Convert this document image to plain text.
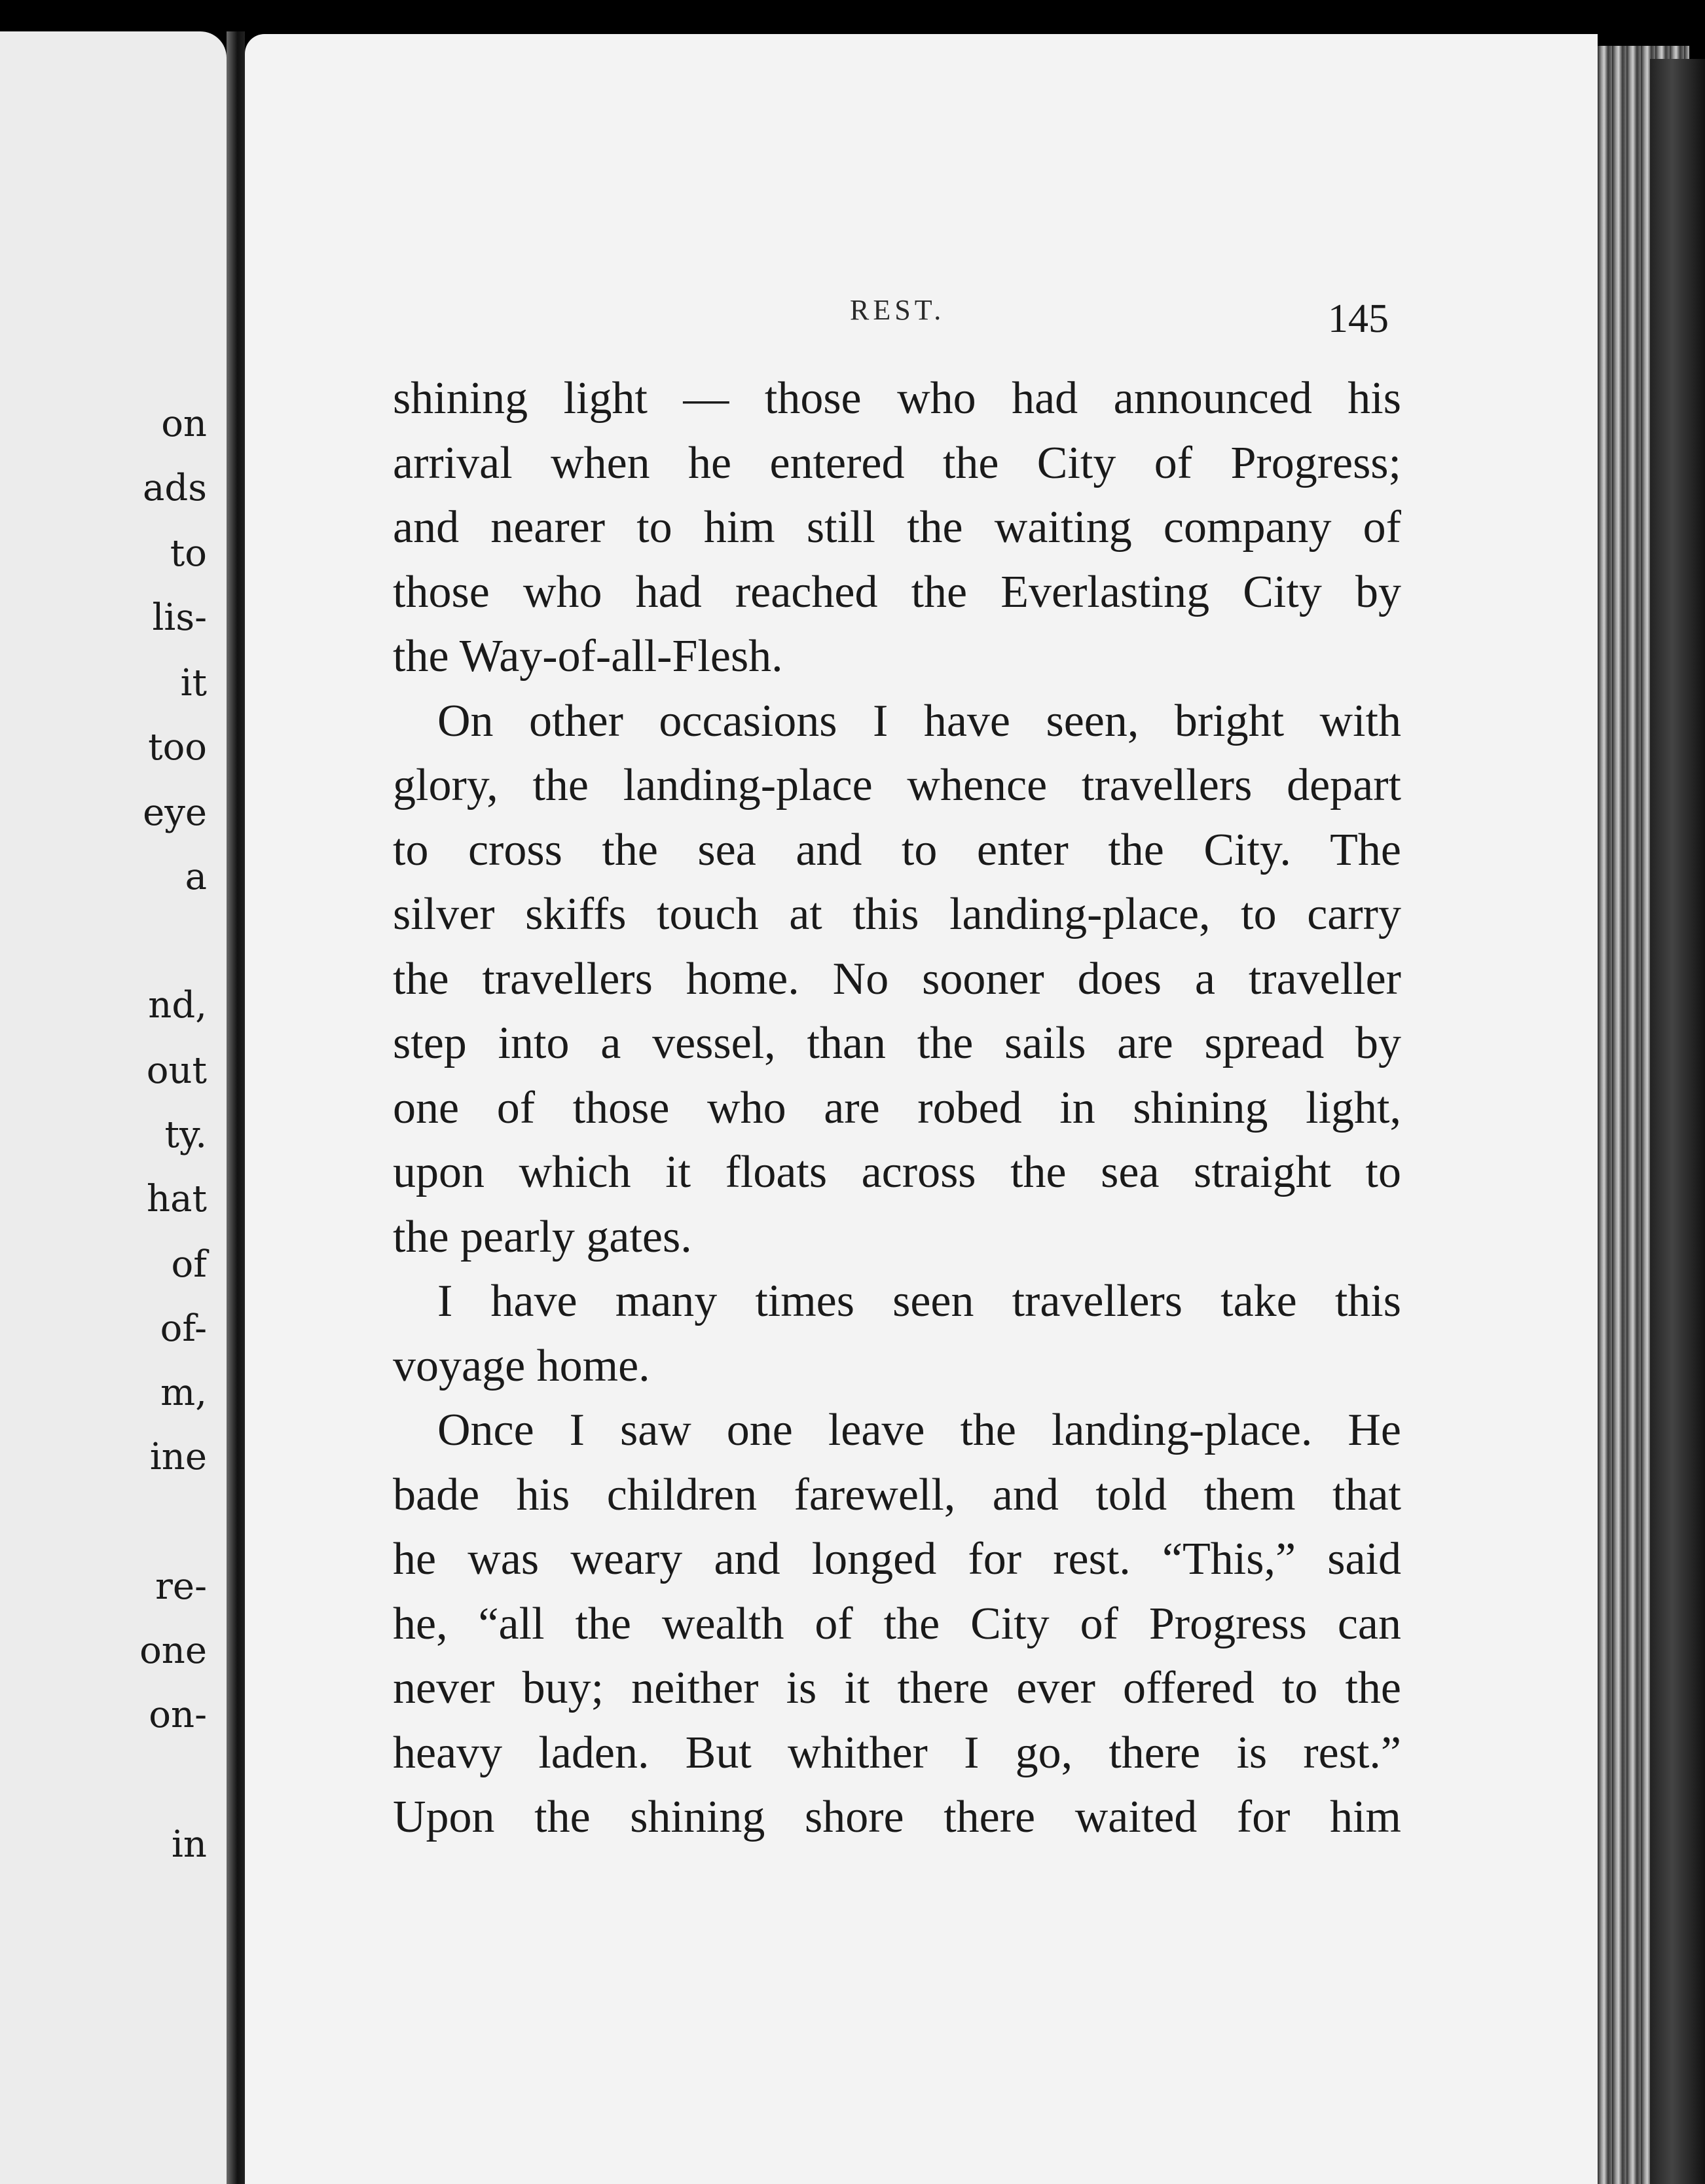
on
ads
to
lis-
it
too
eye
a
nd,
out
ty.
hat
of
of-
m,
ine
re-
one
on-
in
REST.	145
shining light — those who had announced his
arrival when he entered the City of Progress;
and nearer to him still the waiting company of
those who had reached the Everlasting City by
the Way-of-all-Flesh.
On other occasions I have seen, bright with
glory, the landing-place whence travellers depart
to cross the sea and to enter the City. The
silver skiffs touch at this landing-place, to carry
the travellers home. No sooner does a traveller
step into a vessel, than the sails are spread by
one of those who are robed in shining light,
upon which it floats across the sea straight to
the pearly gates.
I have many times seen travellers take this
voyage home.
Once I saw one leave the landing-place. He
bade his children farewell, and told them that
he was weary and longed for rest. “This,” said
he, “all the wealth of the City of Progress can
never buy; neither is it there ever offered to the
heavy laden. But whither I go, there is rest.”
Upon the shining shore there waited for him
